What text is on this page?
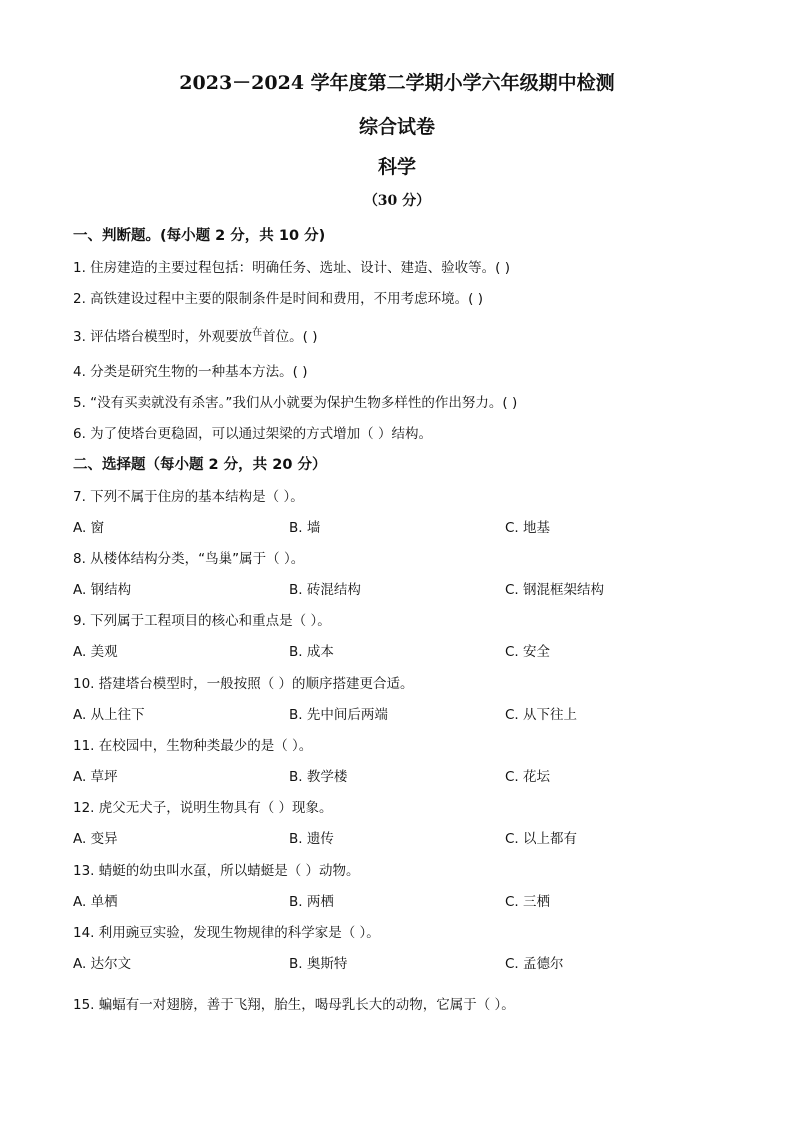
2023－2024 学年度第二学期小学六年级期中检测
综合试卷
科学
（30 分）
一、判断题。(每小题 2 分，共 10 分)
1. 住房建造的主要过程包括：明确任务、选址、设计、建造、验收等。( )
2. 高铁建设过程中主要的限制条件是时间和费用，不用考虑环境。( )
3. 评估塔台模型时，外观要放$^在$首位。( )
4. 分类是研究生物的一种基本方法。( )
5. “没有买卖就没有杀害。”我们从小就要为保护生物多样性的作出努力。( )
6. 为了使塔台更稳固，可以通过架梁的方式增加（ ）结构。
二、选择题（每小题 2 分，共 20 分）
7. 下列不属于住房的基本结构是（ ）。
A. 窗	B. 墙	C. 地基
8. 从楼体结构分类，“鸟巢”属于（ ）。
A. 钢结构	B. 砖混结构	C. 钢混框架结构
9. 下列属于工程项目的核心和重点是（ ）。
A. 美观	B. 成本	C. 安全
10. 搭建塔台模型时，一般按照（ ）的顺序搭建更合适。
A. 从上往下	B. 先中间后两端	C. 从下往上
11. 在校园中，生物种类最少的是（ ）。
A. 草坪	B. 教学楼	C. 花坛
12. 虎父无犬子，说明生物具有（ ）现象。
A. 变异	B. 遗传	C. 以上都有
13. 蜻蜓的幼虫叫水虿，所以蜻蜓是（ ）动物。
A. 单栖	B. 两栖	C. 三栖
14. 利用豌豆实验，发现生物规律的科学家是（ ）。
A. 达尔文	B. 奥斯特	C. 孟德尔
15. 蝙蝠有一对翅膀，善于飞翔，胎生，喝母乳长大的动物，它属于（ ）。
